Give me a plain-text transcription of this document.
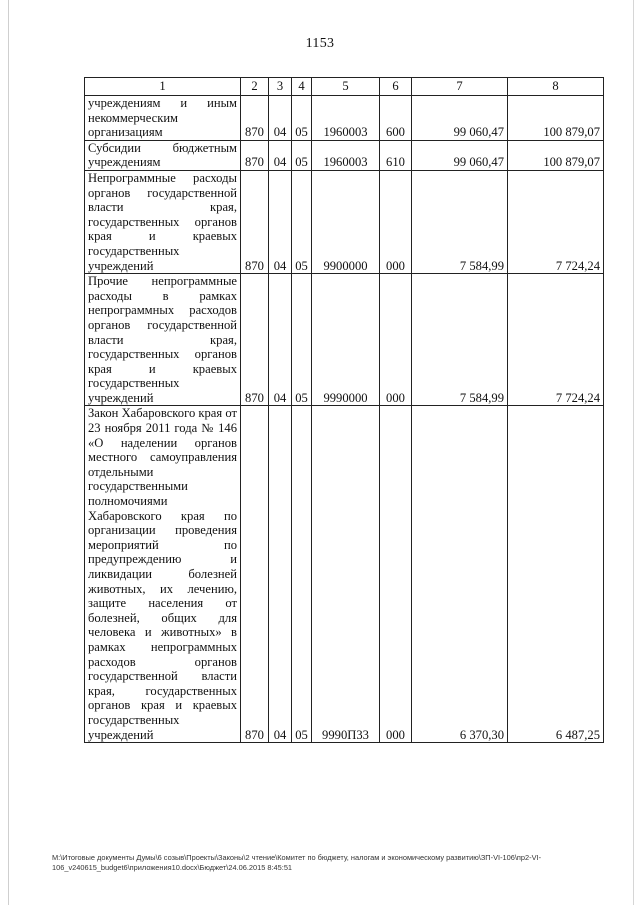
1153
1	2	3	4	5	6	7	8

учреждениям и иным некоммерческим организациям	870	04	05	1960003	600	99 060,47	100 879,07

Субсидии бюджетным учреждениям	870	04	05	1960003	610	99 060,47	100 879,07

Непрограммные расходы органов государственной власти края, государственных органов края и краевых государственных учреждений	870	04	05	9900000	000	7 584,99	7 724,24

Прочие непрограммные расходы в рамках непрограммных расходов органов государственной власти края, государственных органов края и краевых государственных учреждений	870	04	05	9990000	000	7 584,99	7 724,24

Закон Хабаровского края от 23 ноября 2011 года № 146 «О наделении органов местного самоуправления отдельными государственными полномочиями Хабаровского края по организации проведения мероприятий по предупреждению и ликвидации болезней животных, их лечению, защите населения от болезней, общих для человека и животных» в рамках непрограммных расходов органов государственной власти края, государственных органов края и краевых государственных учреждений	870	04	05	9990П33	000	6 370,30	6 487,25
M:\Итоговые документы Думы\6 созыв\Проекты\Законы\2 чтение\Комитет по бюджету, налогам и экономическому развитию\ЗП-VI-106\пр2-VI-106_v240615_budget6\приложения10.docx\Бюджет\24.06.2015 8:45:51
